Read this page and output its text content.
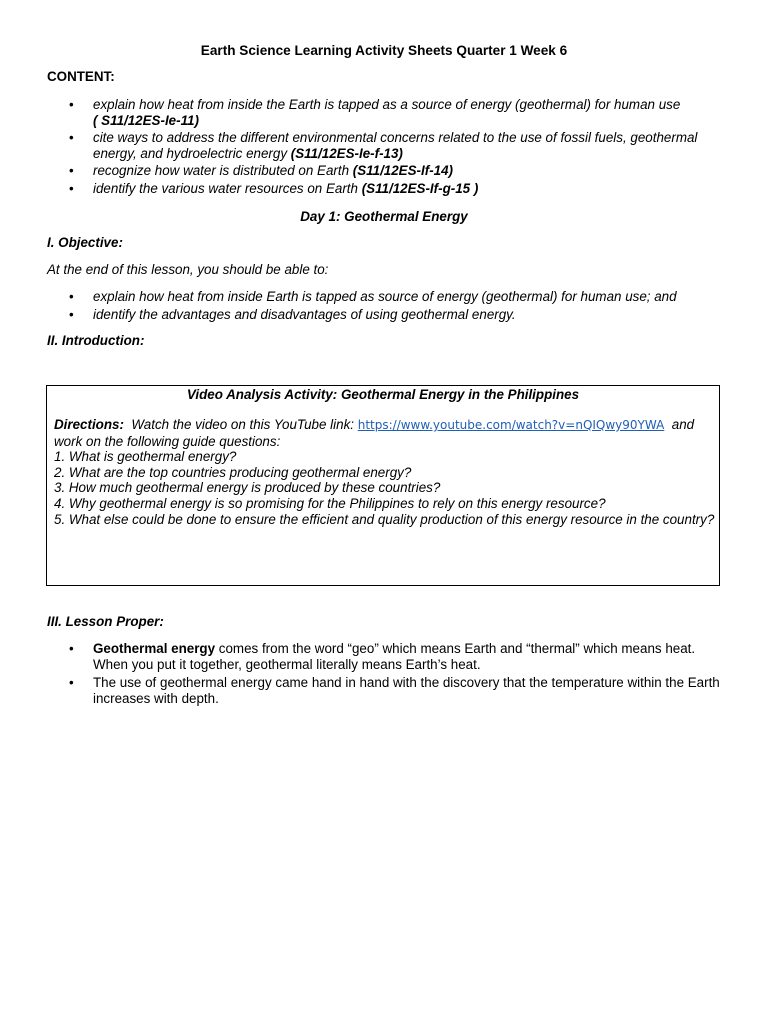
Earth Science Learning Activity Sheets Quarter 1 Week 6
CONTENT:
• explain how heat from inside the Earth is tapped as a source of energy (geothermal) for human use
( S11/12ES-Ie-11)
• cite ways to address the different environmental concerns related to the use of fossil fuels, geothermal energy, and hydroelectric energy (S11/12ES-Ie-f-13)
• recognize how water is distributed on Earth (S11/12ES-If-14)
• identify the various water resources on Earth (S11/12ES-If-g-15 )
Day 1: Geothermal Energy
I. Objective:
At the end of this lesson, you should be able to:
• explain how heat from inside Earth is tapped as source of energy (geothermal) for human use; and
• identify the advantages and disadvantages of using geothermal energy.
II. Introduction:
Video Analysis Activity: Geothermal Energy in the Philippines
Directions: Watch the video on this YouTube link: https://www.youtube.com/watch?v=nQIQwy90YWA and work on the following guide questions:
1. What is geothermal energy?
2. What are the top countries producing geothermal energy?
3. How much geothermal energy is produced by these countries?
4. Why geothermal energy is so promising for the Philippines to rely on this energy resource?
5. What else could be done to ensure the efficient and quality production of this energy resource in the country?
III. Lesson Proper:
• Geothermal energy comes from the word “geo” which means Earth and “thermal” which means heat. When you put it together, geothermal literally means Earth’s heat.
• The use of geothermal energy came hand in hand with the discovery that the temperature within the Earth increases with depth.
